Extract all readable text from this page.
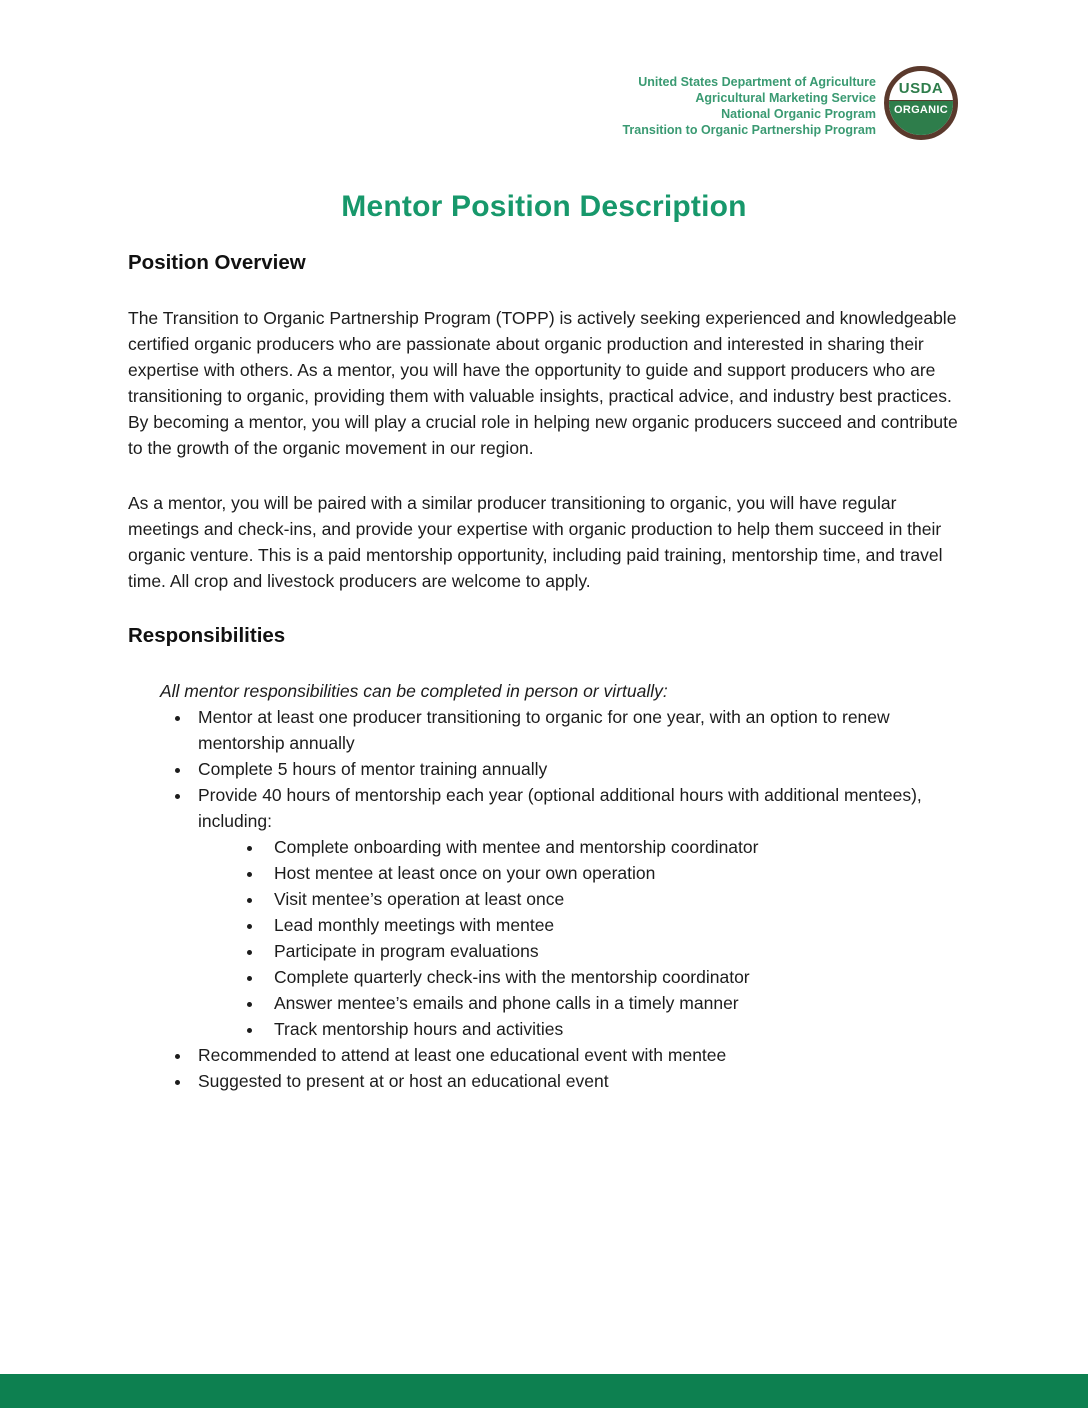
United States Department of Agriculture
Agricultural Marketing Service
National Organic Program
Transition to Organic Partnership Program
USDA
ORGANIC
Mentor Position Description
Position Overview

The Transition to Organic Partnership Program (TOPP) is actively seeking experienced and knowledgeable certified organic producers who are passionate about organic production and interested in sharing their expertise with others. As a mentor, you will have the opportunity to guide and support producers who are transitioning to organic, providing them with valuable insights, practical advice, and industry best practices. By becoming a mentor, you will play a crucial role in helping new organic producers succeed and contribute to the growth of the organic movement in our region.

As a mentor, you will be paired with a similar producer transitioning to organic, you will have regular meetings and check-ins, and provide your expertise with organic production to help them succeed in their organic venture. This is a paid mentorship opportunity, including paid training, mentorship time, and travel time. All crop and livestock producers are welcome to apply.

Responsibilities
All mentor responsibilities can be completed in person or virtually:
• Mentor at least one producer transitioning to organic for one year, with an option to renew mentorship annually
• Complete 5 hours of mentor training annually
• Provide 40 hours of mentorship each year (optional additional hours with additional mentees), including:
• Complete onboarding with mentee and mentorship coordinator
• Host mentee at least once on your own operation
• Visit mentee’s operation at least once
• Lead monthly meetings with mentee
• Participate in program evaluations
• Complete quarterly check-ins with the mentorship coordinator
• Answer mentee’s emails and phone calls in a timely manner
• Track mentorship hours and activities
• Recommended to attend at least one educational event with mentee
• Suggested to present at or host an educational event
